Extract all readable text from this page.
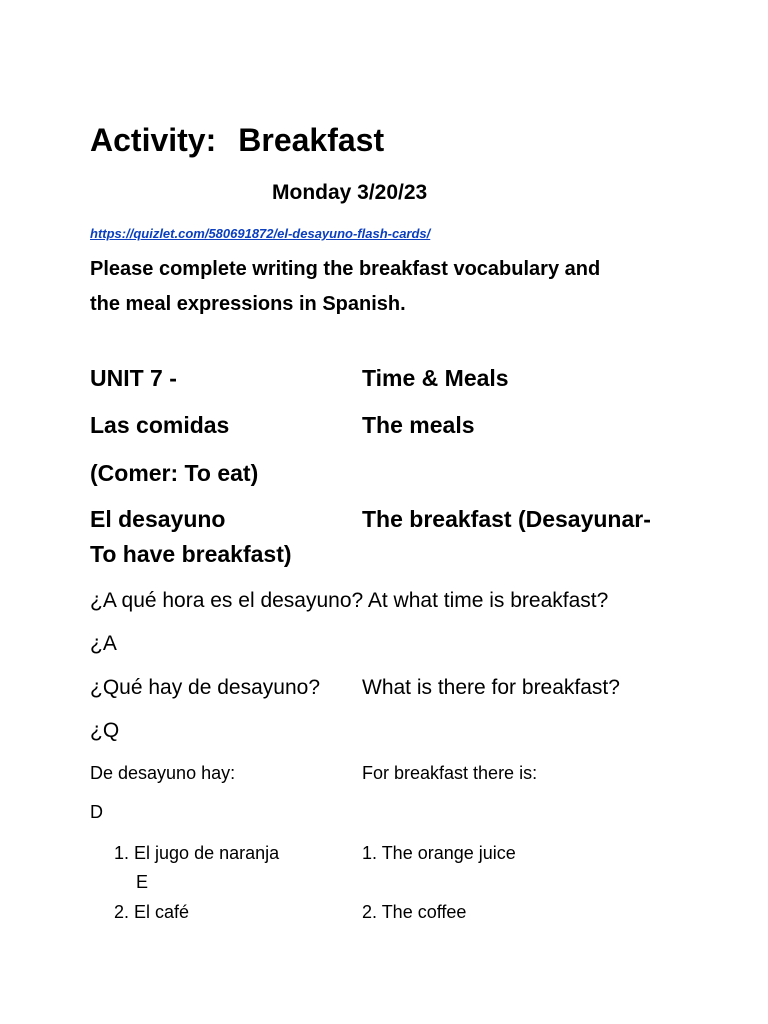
Activity: Breakfast
Monday 3/20/23
https://quizlet.com/580691872/el-desayuno-flash-cards/
Please complete writing the breakfast vocabulary and
the meal expressions in Spanish.
UNIT 7 -	Time & Meals
Las comidas	The meals
(Comer: To eat)
El desayuno	The breakfast (Desayunar-
To have breakfast)
¿A qué hora es el desayuno? At what time is breakfast?
¿A
¿Qué hay de desayuno? What is there for breakfast?
¿Q
De desayuno hay:	For breakfast there is:
D
1. El jugo de naranja	1. The orange juice
E
2. El café	2. The coffee
